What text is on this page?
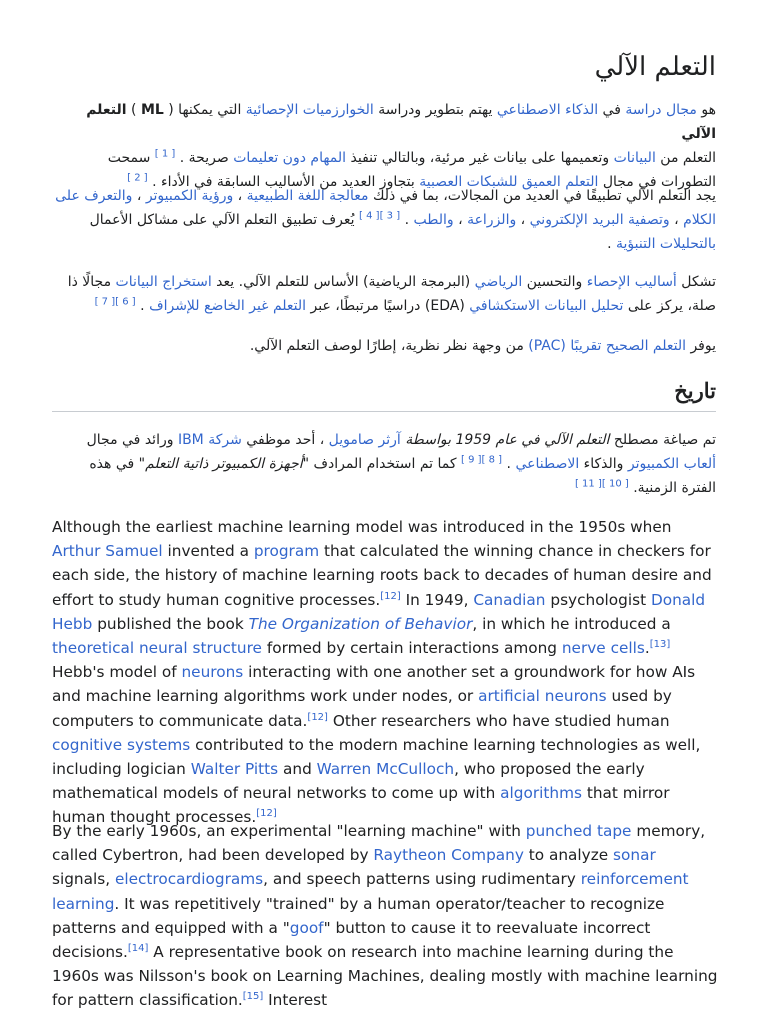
التعلم الآلي
هو مجال دراسة في الذكاء الاصطناعي يهتم بتطوير ودراسة الخوارزميات الإحصائية التي يمكنها ( ML ) التعلم الآلي
التعلم من البيانات وتعميمها على بيانات غير مرئية، وبالتالي تنفيذ المهام دون تعليمات صريحة . [ 1 ] سمحت
التطورات في مجال التعلم العميق للشبكات العصبية بتجاوز العديد من الأساليب السابقة في الأداء . [ 2 ]
يجد التعلم الآلي تطبيقًا في العديد من المجالات، بما في ذلك معالجة اللغة الطبيعية ، ورؤية الكمبيوتر ، والتعرف على الكلام ، وتصفية البريد الإلكتروني ، والزراعة ، والطب . [ 3 ][ 4 ] يُعرف تطبيق التعلم الآلي على مشاكل الأعمال بالتحليلات التنبؤية .
تشكل أساليب الإحصاء والتحسين الرياضي (البرمجة الرياضية) الأساس للتعلم الآلي. يعد استخراج البيانات مجالًا ذا صلة، يركز على تحليل البيانات الاستكشافي (EDA) دراسيًا مرتبطًا، عبر التعلم غير الخاضع للإشراف . [ 6 ][ 7 ]
يوفر التعلم الصحيح تقريبًا (PAC) من وجهة نظر نظرية، إطارًا لوصف التعلم الآلي.
تاريخ
تم صياغة مصطلح التعلم الآلي في عام 1959 بواسطة آرثر صامويل ، أحد موظفي شركة IBM ورائد في مجال ألعاب الكمبيوتر والذكاء الاصطناعي . [ 8 ][ 9 ] كما تم استخدام المرادف "أجهزة الكمبيوتر ذاتية التعلم" في هذه الفترة الزمنية. [ 10 ][ 11 ]
Although the earliest machine learning model was introduced in the 1950s when Arthur Samuel invented a program that calculated the winning chance in checkers for each side, the history of machine learning roots back to decades of human desire and effort to study human cognitive processes.[12] In 1949, Canadian psychologist Donald Hebb published the book The Organization of Behavior, in which he introduced a theoretical neural structure formed by certain interactions among nerve cells.[13] Hebb's model of neurons interacting with one another set a groundwork for how AIs and machine learning algorithms work under nodes, or artificial neurons used by computers to communicate data.[12] Other researchers who have studied human cognitive systems contributed to the modern machine learning technologies as well, including logician Walter Pitts and Warren McCulloch, who proposed the early mathematical models of neural networks to come up with algorithms that mirror human thought processes.[12]
By the early 1960s, an experimental "learning machine" with punched tape memory, called Cybertron, had been developed by Raytheon Company to analyze sonar signals, electrocardiograms, and speech patterns using rudimentary reinforcement learning. It was repetitively "trained" by a human operator/teacher to recognize patterns and equipped with a "goof" button to cause it to reevaluate incorrect decisions.[14] A representative book on research into machine learning during the 1960s was Nilsson's book on Learning Machines, dealing mostly with machine learning for pattern classification.[15] Interest
